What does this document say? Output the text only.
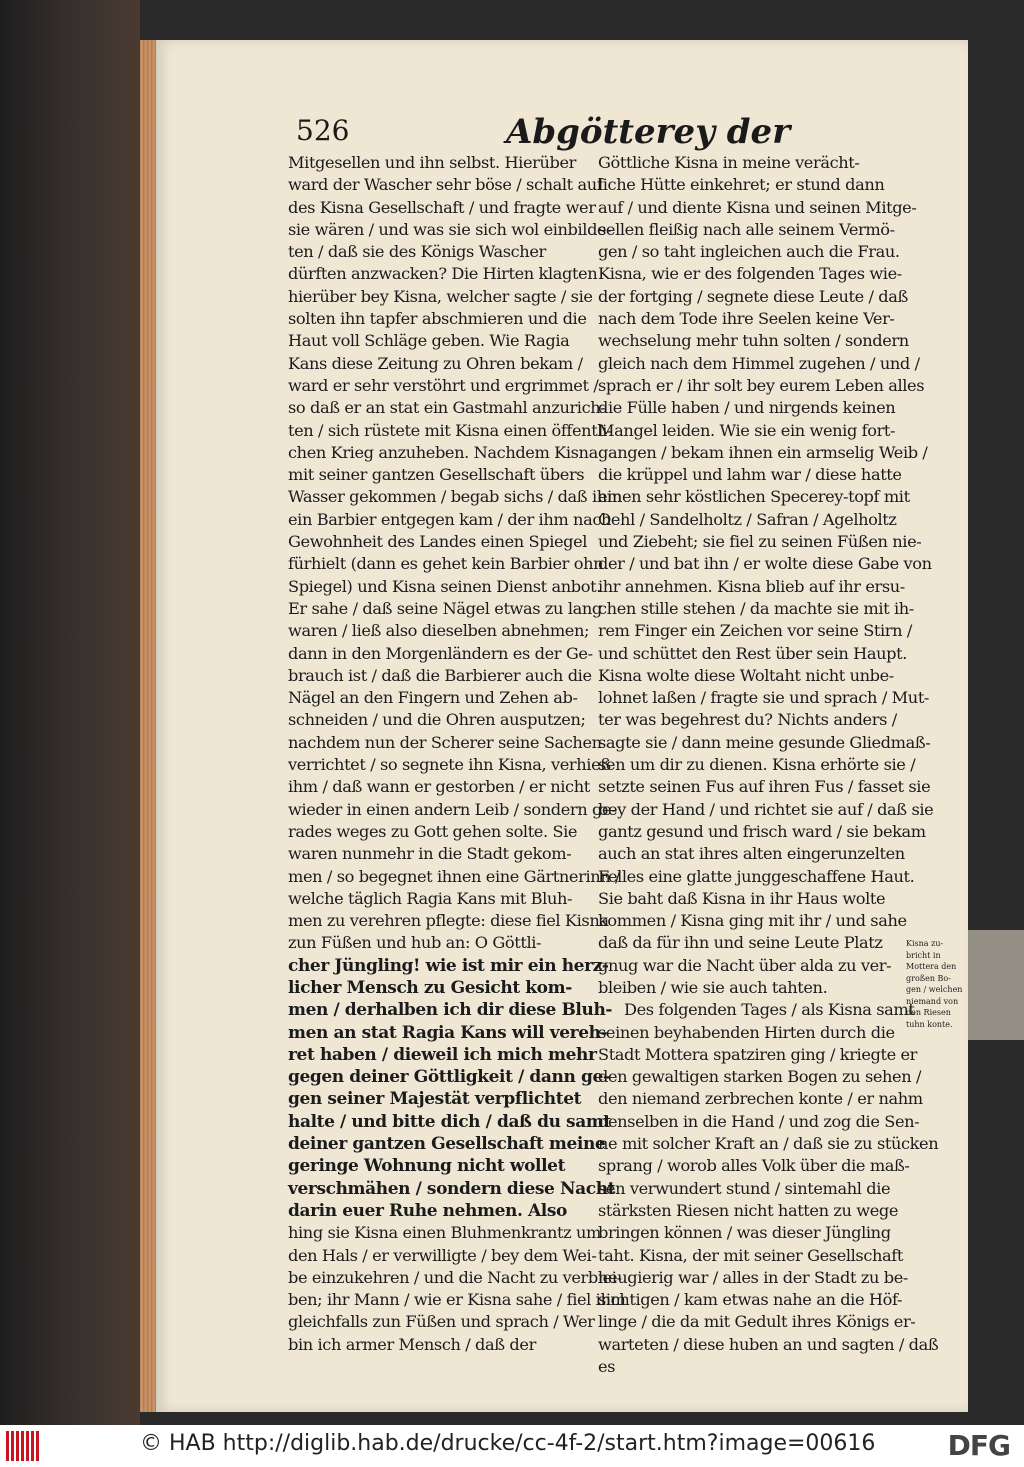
526	Abgötterey der
Mitgesellen und ihn selbst. Hierüber
ward der Wascher sehr böse / schalt auf
des Kisna Gesellschaft / und fragte wer
sie wären / und was sie sich wol einbilde-
ten / daß sie des Königs Wascher
dürften anzwacken? Die Hirten klagten
hierüber bey Kisna, welcher sagte / sie
solten ihn tapfer abschmieren und die
Haut voll Schläge geben. Wie Ragia
Kans diese Zeitung zu Ohren bekam /
ward er sehr verstöhrt und ergrimmet /
so daß er an stat ein Gastmahl anzurich-
ten / sich rüstete mit Kisna einen öffentli-
chen Krieg anzuheben. Nachdem Kisna
mit seiner gantzen Gesellschaft übers
Wasser gekommen / begab sichs / daß ihm
ein Barbier entgegen kam / der ihm nach
Gewohnheit des Landes einen Spiegel
fürhielt (dann es gehet kein Barbier ohn
Spiegel) und Kisna seinen Dienst anbot.
Er sahe / daß seine Nägel etwas zu lang
waren / ließ also dieselben abnehmen;
dann in den Morgenländern es der Ge-
brauch ist / daß die Barbierer auch die
Nägel an den Fingern und Zehen ab-
schneiden / und die Ohren ausputzen;
nachdem nun der Scherer seine Sachen
verrichtet / so segnete ihn Kisna, verhieß
ihm / daß wann er gestorben / er nicht
wieder in einen andern Leib / sondern ge-
rades weges zu Gott gehen solte. Sie
waren nunmehr in die Stadt gekom-
men / so begegnet ihnen eine Gärtnerinn /
welche täglich Ragia Kans mit Bluh-
men zu verehren pflegte: diese fiel Kisna
zun Füßen und hub an: O Göttli-
cher Jüngling! wie ist mir ein herz-
licher Mensch zu Gesicht kom-
men / derhalben ich dir diese Bluh-
men an stat Ragia Kans will vereh-
ret haben / dieweil ich mich mehr
gegen deiner Göttligkeit / dann ge-
gen seiner Majestät verpflichtet
halte / und bitte dich / daß du samt
deiner gantzen Gesellschaft meine
geringe Wohnung nicht wollet
verschmähen / sondern diese Nacht
darin euer Ruhe nehmen. Also
hing sie Kisna einen Bluhmenkrantz um
den Hals / er verwilligte / bey dem Wei-
be einzukehren / und die Nacht zu verblei-
ben; ihr Mann / wie er Kisna sahe / fiel ihm
gleichfalls zun Füßen und sprach / Wer
bin ich armer Mensch / daß der
Göttliche Kisna in meine verächt-
liche Hütte einkehret; er stund dann
auf / und diente Kisna und seinen Mitge-
sellen fleißig nach alle seinem Vermö-
gen / so taht ingleichen auch die Frau.
Kisna, wie er des folgenden Tages wie-
der fortging / segnete diese Leute / daß
nach dem Tode ihre Seelen keine Ver-
wechselung mehr tuhn solten / sondern
gleich nach dem Himmel zugehen / und /
sprach er / ihr solt bey eurem Leben alles
die Fülle haben / und nirgends keinen
Mangel leiden. Wie sie ein wenig fort-
gangen / bekam ihnen ein armselig Weib /
die krüppel und lahm war / diese hatte
einen sehr köstlichen Specerey-topf mit
Oehl / Sandelholtz / Safran / Agelholtz
und Ziebeht; sie fiel zu seinen Füßen nie-
der / und bat ihn / er wolte diese Gabe von
ihr annehmen. Kisna blieb auf ihr ersu-
chen stille stehen / da machte sie mit ih-
rem Finger ein Zeichen vor seine Stirn /
und schüttet den Rest über sein Haupt.
Kisna wolte diese Woltaht nicht unbe-
lohnet laßen / fragte sie und sprach / Mut-
ter was begehrest du? Nichts anders /
sagte sie / dann meine gesunde Gliedmaß-
sen um dir zu dienen. Kisna erhörte sie /
setzte seinen Fus auf ihren Fus / fasset sie
bey der Hand / und richtet sie auf / daß sie
gantz gesund und frisch ward / sie bekam
auch an stat ihres alten eingerunzelten
Felles eine glatte junggeschaffene Haut.
Sie baht daß Kisna in ihr Haus wolte
kommen / Kisna ging mit ihr / und sahe
daß da für ihn und seine Leute Platz
gnug war die Nacht über alda zu ver-
bleiben / wie sie auch tahten.
Des folgenden Tages / als Kisna samt
seinen beyhabenden Hirten durch die
Stadt Mottera spatziren ging / kriegte er
den gewaltigen starken Bogen zu sehen /
den niemand zerbrechen konte / er nahm
denselben in die Hand / und zog die Sen-
ne mit solcher Kraft an / daß sie zu stücken
sprang / worob alles Volk über die maß-
sen verwundert stund / sintemahl die
stärksten Riesen nicht hatten zu wege
bringen können / was dieser Jüngling
taht. Kisna, der mit seiner Gesellschaft
neugierig war / alles in der Stadt zu be-
sichtigen / kam etwas nahe an die Höf-
linge / die da mit Gedult ihres Königs er-
warteten / diese huben an und sagten / daß
es
Kisna zu-
bricht in
Mottera den
großen Bo-
gen / welchen
niemand von
den Riesen
tuhn konte.
© HAB http://diglib.hab.de/drucke/cc-4f-2/start.htm?image=00616	DFG
